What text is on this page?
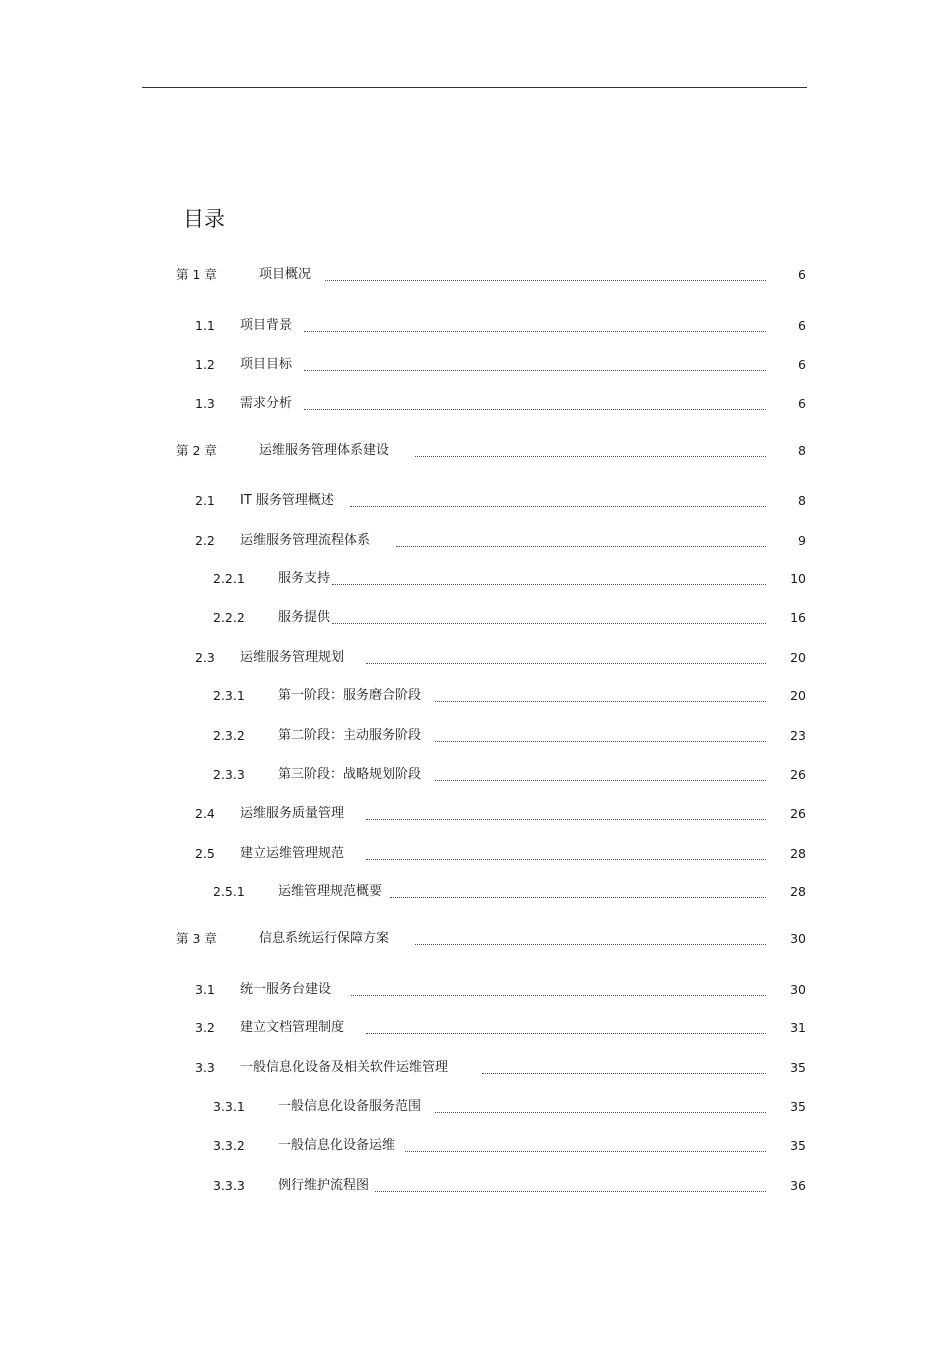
目录
第 1 章	项目概况	6
1.1	项目背景	6
1.2	项目目标	6
1.3	需求分析	6
第 2 章	运维服务管理体系建设	8
2.1	IT 服务管理概述	8
2.2	运维服务管理流程体系	9
2.2.1	服务支持	10
2.2.2	服务提供	16
2.3	运维服务管理规划	20
2.3.1	第一阶段：服务磨合阶段	20
2.3.2	第二阶段：主动服务阶段	23
2.3.3	第三阶段：战略规划阶段	26
2.4	运维服务质量管理	26
2.5	建立运维管理规范	28
2.5.1	运维管理规范概要	28
第 3 章	信息系统运行保障方案	30
3.1	统一服务台建设	30
3.2	建立文档管理制度	31
3.3	一般信息化设备及相关软件运维管理	35
3.3.1	一般信息化设备服务范围	35
3.3.2	一般信息化设备运维	35
3.3.3	例行维护流程图	36
